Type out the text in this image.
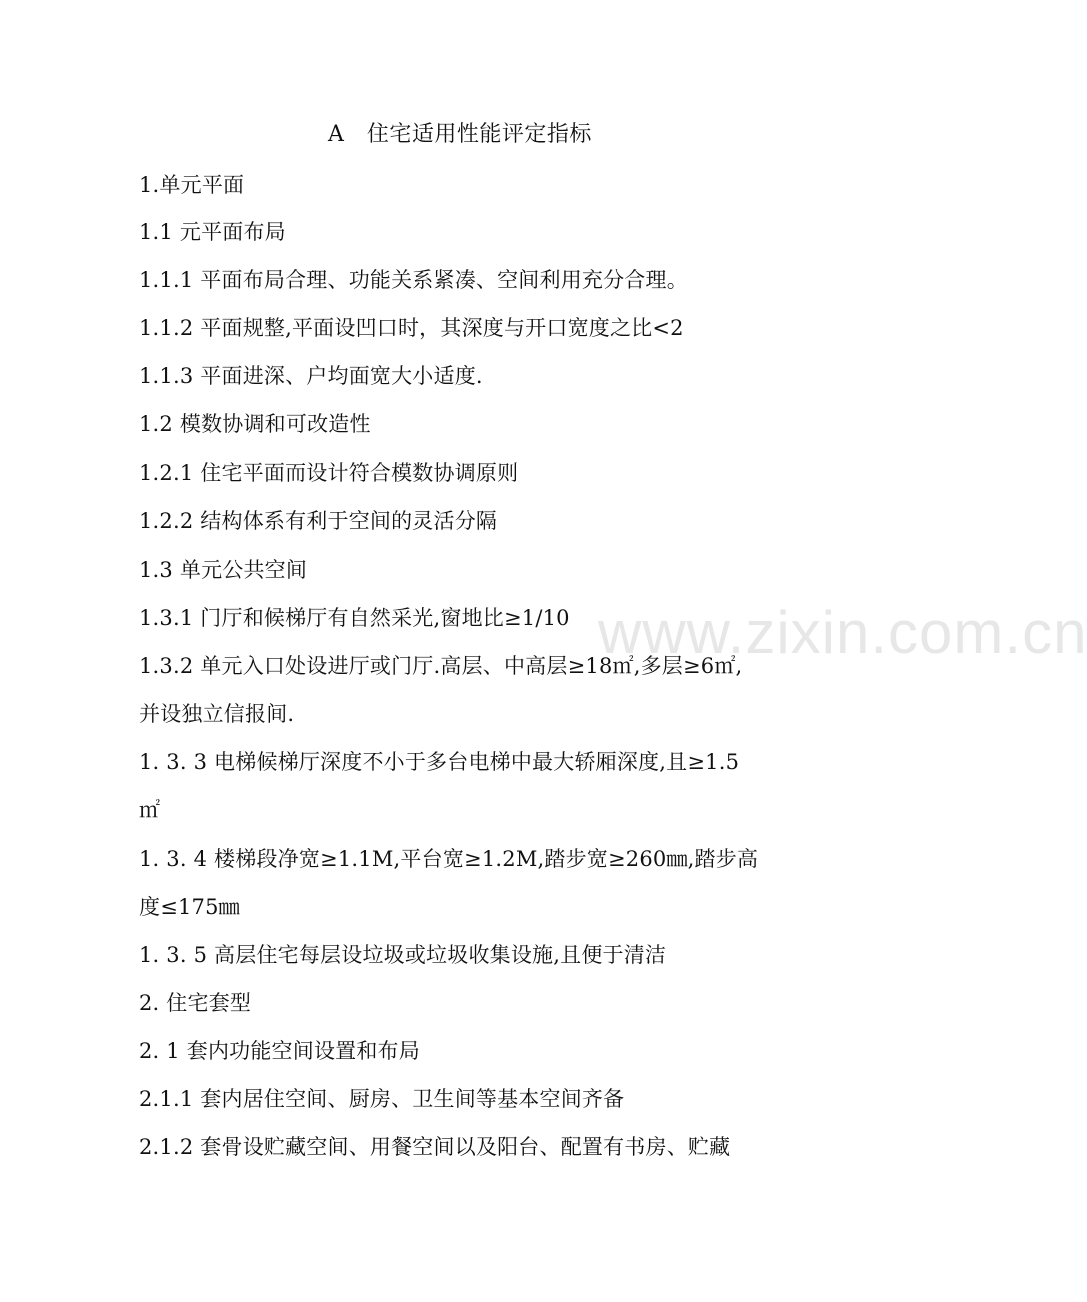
A　住宅适用性能评定指标
1.单元平面
1.1 元平面布局
1.1.1 平面布局合理、功能关系紧凑、空间利用充分合理。
1.1.2 平面规整,平面设凹口时，其深度与开口宽度之比<2
1.1.3 平面进深、户均面宽大小适度.
1.2 模数协调和可改造性
1.2.1 住宅平面而设计符合模数协调原则
1.2.2 结构体系有利于空间的灵活分隔
1.3 单元公共空间
1.3.1 门厅和候梯厅有自然采光,窗地比≥1/10
1.3.2 单元入口处设进厅或门厅.高层、中高层≥18㎡,多层≥6㎡,
并设独立信报间.
1. 3. 3 电梯候梯厅深度不小于多台电梯中最大轿厢深度,且≥1.5
㎡
1. 3. 4 楼梯段净宽≥1.1M,平台宽≥1.2M,踏步宽≥260㎜,踏步高
度≤175㎜
1. 3. 5 高层住宅每层设垃圾或垃圾收集设施,且便于清洁
2. 住宅套型
2. 1 套内功能空间设置和布局
2.1.1 套内居住空间、厨房、卫生间等基本空间齐备
2.1.2 套骨设贮藏空间、用餐空间以及阳台、配置有书房、贮藏
www.zixin.com.cn
